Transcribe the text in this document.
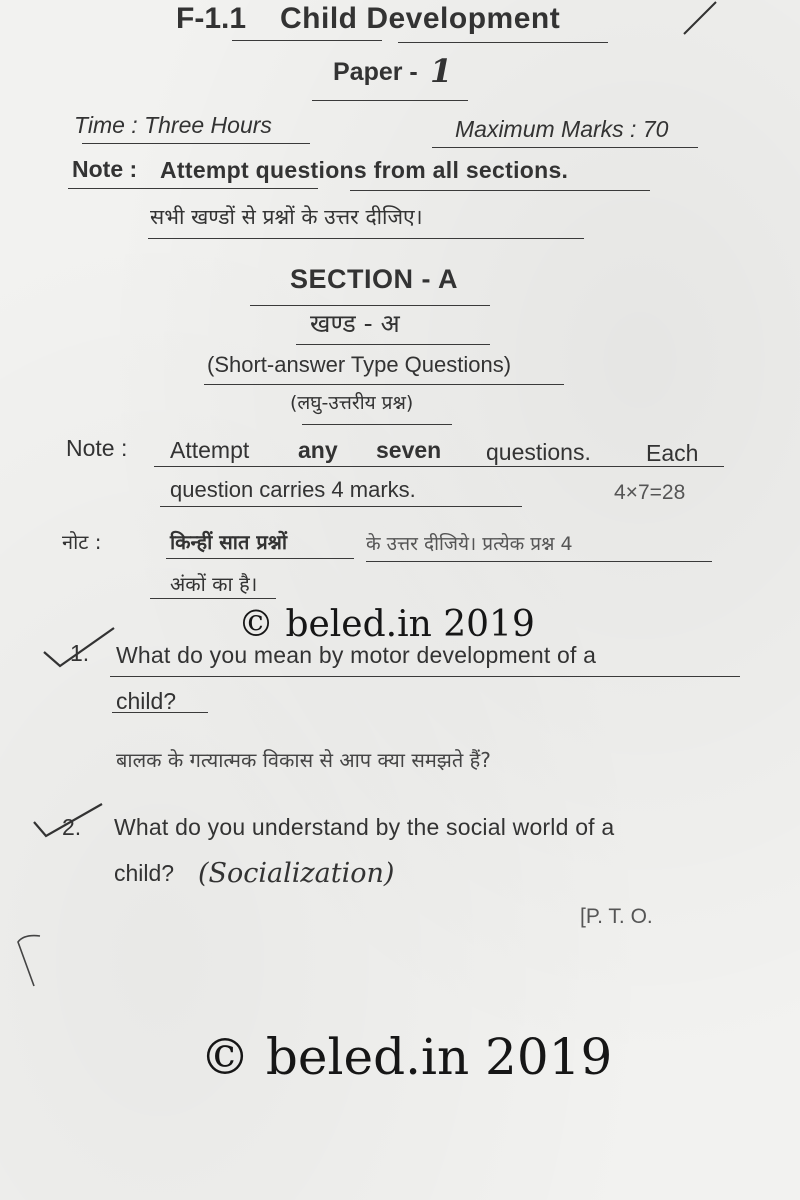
F-1.1 Child Development
Paper - 1
Time : Three Hours	Maximum Marks : 70
Note : Attempt questions from all sections.
सभी खण्डों से प्रश्नों के उत्तर दीजिए।
SECTION - A
खण्ड - अ
(Short-answer Type Questions)
(लघु-उत्तरीय प्रश्न)
Note : Attempt any seven questions. Each
question carries 4 marks.	4×7=28
नोट :	किन्हीं सात प्रश्नों	के उत्तर दीजिये। प्रत्येक प्रश्न 4
अंकों का है।
© beled.in 2019
1. What do you mean by motor development of a
child?
बालक के गत्यात्मक विकास से आप क्या समझते हैं?
2. What do you understand by the social world of a
child? (Socialization)
[P. T. O.
© beled.in 2019
